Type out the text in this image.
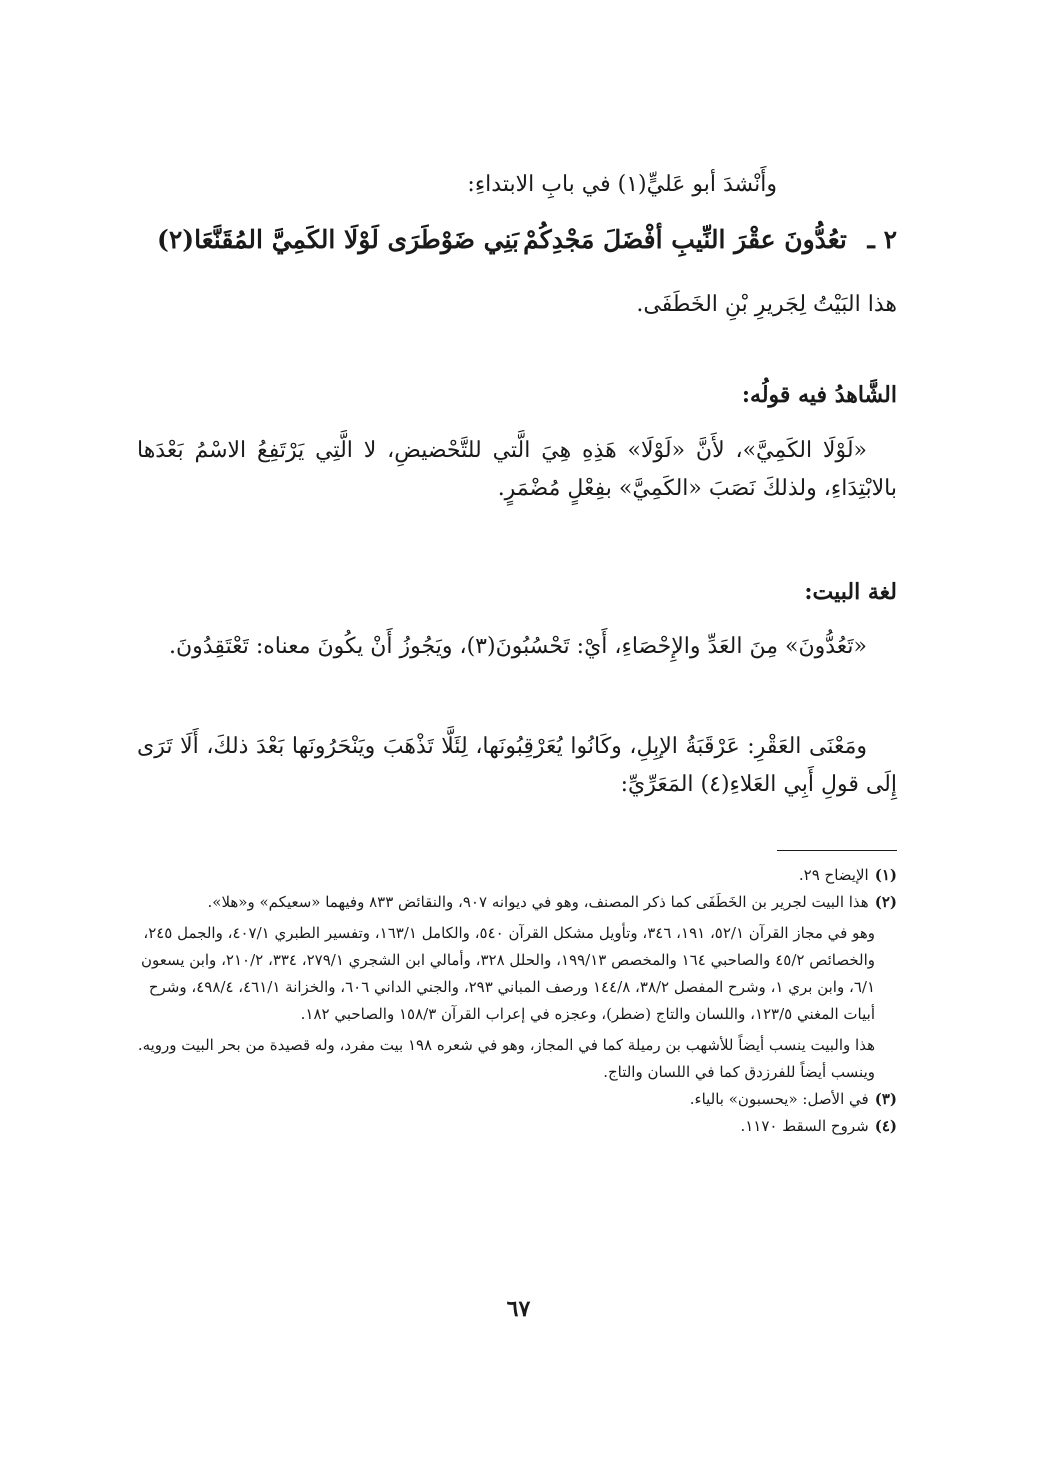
وأَنْشدَ أبو عَليٍّ(١) في بابِ الابتداءِ:
٢ ـ تعُدُّونَ عقْرَ النِّيبِ أفْضَلَ مَجْدِكُمْ
بَنِي ضَوْطَرَى لَوْلَا الكَمِيَّ المُقَنَّعَا(٢)
هذا البَيْتُ لِجَريرِ بْنِ الخَطَفَى.
الشَّاهدُ فيه قولُه:
«لَوْلَا الكَمِيَّ»، لأَنَّ «لَوْلَا» هَذِهِ هِيَ الَّتي للتَّحْضيضِ، لا الَّتِي يَرْتَفِعُ الاسْمُ بَعْدَها بالابْتِدَاءِ، ولذلكَ نَصَبَ «الكَمِيَّ» بفِعْلٍ مُضْمَرٍ.
لغة البيت:
«تَعُدُّونَ» مِنَ العَدِّ والإِحْصَاءِ، أَيْ: تَحْسُبُونَ(٣)، ويَجُوزُ أَنْ يكُونَ معناه: تَعْتَقِدُونَ.
ومَعْنَى العَقْرِ: عَرْقَبَةُ الإبِلِ، وكَانُوا يُعَرْقِبُونَها، لِئَلَّا تَذْهَبَ ويَنْحَرُونَها بَعْدَ ذلكَ، أَلَا تَرَى إِلَى قولِ أَبِي العَلاءِ(٤) المَعَرِّيِّ:

(١)الإيضاح ٢٩.

(٢)هذا البيت لجرير بن الخَطَفَى كما ذكر المصنف، وهو في ديوانه ٩٠٧، والنقائض ٨٣٣ وفيهما «سعيكم» و«هلا».

وهو في مجاز القرآن ٥٢/١، ١٩١، ٣٤٦، وتأويل مشكل القرآن ٥٤٠، والكامل ١٦٣/١، وتفسير الطبري ٤٠٧/١، والجمل ٢٤٥، والخصائص ٤٥/٢ والصاحبي ١٦٤ والمخصص ١٩٩/١٣، والحلل ٣٢٨، وأمالي ابن الشجري ٢٧٩/١، ٣٣٤، ٢١٠/٢، وابن يسعون ٦/١، وابن بري ١، وشرح المفصل ٣٨/٢، ١٤٤/٨ ورصف المباني ٢٩٣، والجني الداني ٦٠٦، والخزانة ٤٦١/١، ٤٩٨/٤، وشرح أبيات المغني ١٢٣/٥، واللسان والتاج (ضطر)، وعجزه في إعراب القرآن ١٥٨/٣ والصاحبي ١٨٢.

هذا والبيت ينسب أيضاً للأشهب بن رميلة كما في المجاز، وهو في شعره ١٩٨ بيت مفرد، وله قصيدة من بحر البيت ورويه. وينسب أيضاً للفرزدق كما في اللسان والتاج.

(٣)في الأصل: «يحسبون» بالياء.

(٤)شروح السقط ١١٧٠.

٦٧
